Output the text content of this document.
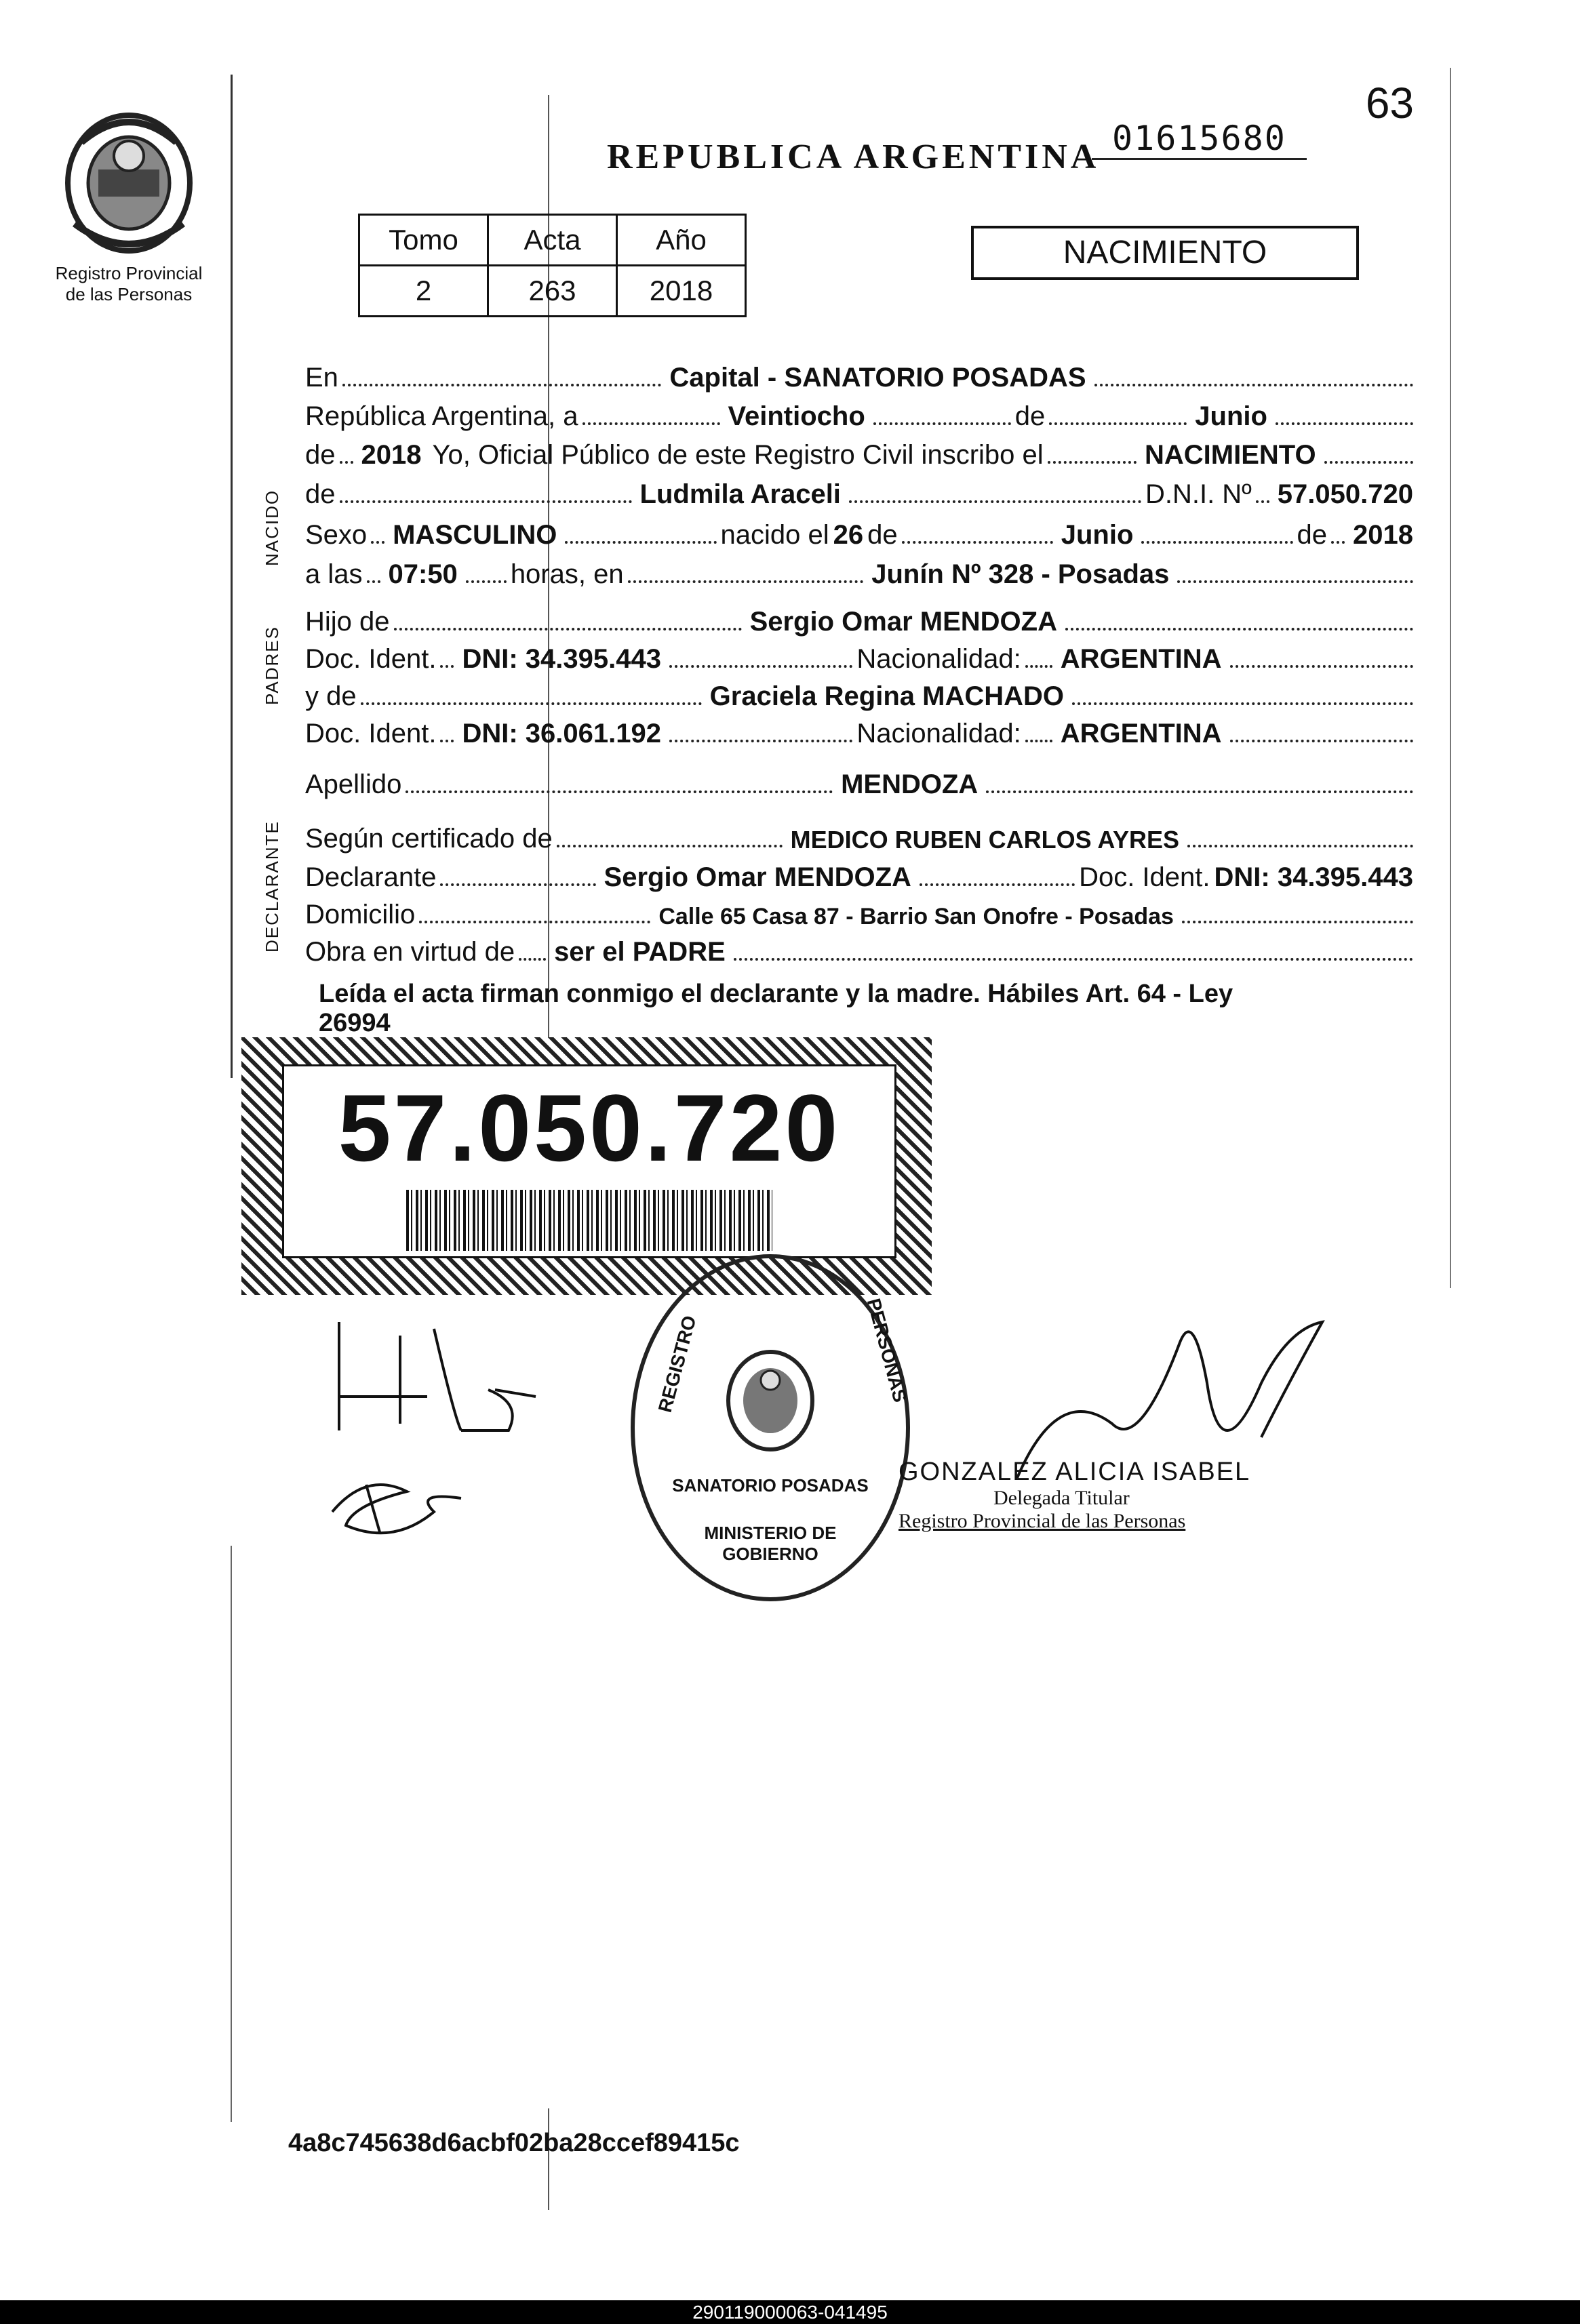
63
01615680
REPUBLICA ARGENTINA
Registro Provincial
de las Personas
Tomo	Acta	Año
2	263	2018
NACIMIENTO
NACIDO
PADRES
DECLARANTE
En	Capital - SANATORIO POSADAS
República Argentina, a	Veintiocho	de	Junio
de 2018 Yo, Oficial Público de este Registro Civil inscribo el	NACIMIENTO
de	Ludmila Araceli	D.N.I. Nº 57.050.720
Sexo MASCULINO	nacido el 26 de	Junio	de 2018
a las 07:50 horas, en	Junín Nº 328 - Posadas
Hijo de	Sergio Omar MENDOZA
Doc. Ident. DNI: 34.395.443	Nacionalidad: ARGENTINA
y de	Graciela Regina MACHADO
Doc. Ident. DNI: 36.061.192	Nacionalidad: ARGENTINA
Apellido	MENDOZA
Según certificado de	MEDICO RUBEN CARLOS AYRES
Declarante	Sergio Omar MENDOZA	Doc. Ident. DNI: 34.395.443
Domicilio	Calle 65 Casa 87 - Barrio San Onofre - Posadas
Obra en virtud de ser el PADRE
Leída el acta firman conmigo el declarante y la madre. Hábiles Art. 64 - Ley
26994
57.050.720
REGISTRO	PERSONAS
SANATORIO POSADAS
MINISTERIO DE GOBIERNO
GONZALEZ ALICIA ISABEL
Delegada Titular
Registro Provincial de las Personas
4a8c745638d6acbf02ba28ccef89415c
290119000063-041495
